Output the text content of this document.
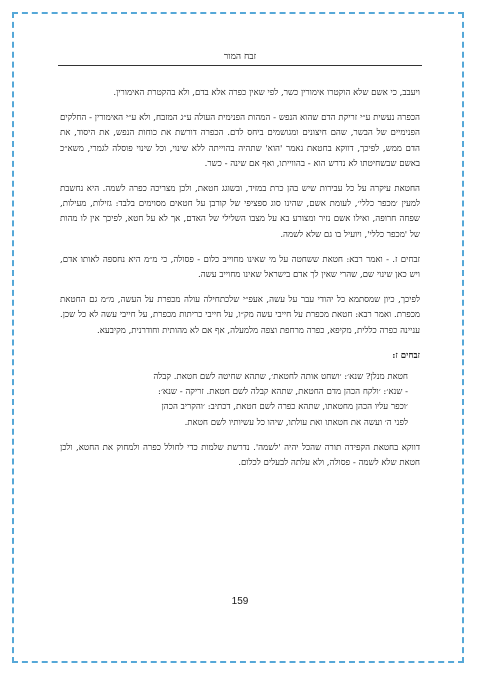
זבח המור

ויעבב, כי אשם שלא הוקטרו אימורין כשר, לפי שאין כפרה אלא בדם, ולא בהקטרת האימורין.

הכפרה נעשית ע״י זריקת הדם שהוא הנפש - המהות הפנימית העולה ע״ג המזבח, ולא ע״י האימורין - החלקים הפנימיים של הבשר, שהם חיצונים ומגושמים ביחס לדם. הכפרה דורשת את כוחות הנפש, את היסוד, את הדם ממש, לפיכך, דווקא בחטאת נאמר 'הוא' שתהיה בהוייתה ללא שינוי, וכל שינוי פוסלה לגמרי, משא״כ באשם שבשחיטתו לא נדרש הוא - בהווייתו, ואף אם שינה - כשר.

החטאת עיקרה על כל עבירות שיש בהן כרת במזיד, ובשוגג חטאת, ולכן מצריכה כפרה לשמה. היא נחשבת למעין ׳מכפר כללי׳, לעומת אשם, שהינו סוג ספציפי של קורבן על חטאים מסוימים בלבד: גזילות, מעילות, שפחה חרופה, ואילו אשם נזיר ומצורע בא על מצבו השלילי של האדם, אך לא על חטא, לפיכך אין לו מהות של 'מכפר כללי', ויועיל בו גם שלא לשמה.

זבחים ז. - ואמר רבא: חטאת ששחטה על מי שאינו מחוייב כלום - פסולה, כי מ״מ היא נחספה לאותו אדם, ויש כאן שינוי שם, שהרי שאין לך אדם בישראל שאינו מחוייב עשה.

לפיכך, כיון שמסתמא כל יהודי עבר על עשה, אעפ״י שלכתחילה עולה מכפרת על העשה, מ״מ גם החטאת מכפרת. ואמר רבא: חטאת מכפרת על חייבי עשה מק״ו, על חייבי כריתות מכפרת, על חייבי עשה לא כל שכן. עניינה כפרה כללית, מקיפא, כפרה מרחפת וצפה מלמעלה, אף אם לא מהותית וחודרנית, מקיבעא.

זבחים ז:

חטאת מנלן? שנא׳: ׳ושחט אותה לחטאת׳, שתהא שחיטה לשם חטאת. קבלה
- שנא׳: ׳ולקח הכהן מדם החטאת, שתהא קבלה לשם חטאת. זריקה - שנא׳:
׳וכפר עליו הכהן מחטאתו, שתהא כפרה לשם חטאת, דכתיב: ׳והקריב הכהן
לפני ה׳ ועשה את חטאתו ואת עולתו, שיהו כל עשיותיו לשם חטאת.

דווקא בחטאת הקפידה תורה שהכל יהיה 'לשמה'. נדרשת שלמות כדי לחולל כפרה ולמחוק את החטא, ולכן חטאת שלא לשמה - פסולה, ולא עלתה לבעלים לכלום.

159
